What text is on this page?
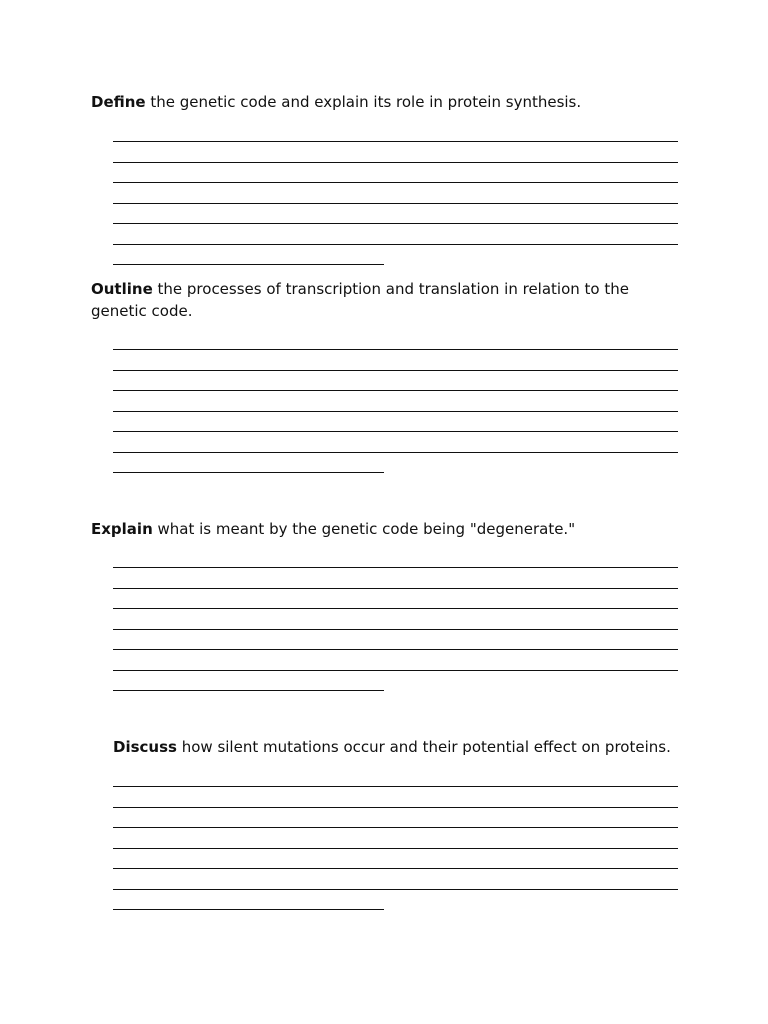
Define the genetic code and explain its role in protein synthesis.
Outline the processes of transcription and translation in relation to the genetic code.
Explain what is meant by the genetic code being "degenerate."
Discuss how silent mutations occur and their potential effect on proteins.
